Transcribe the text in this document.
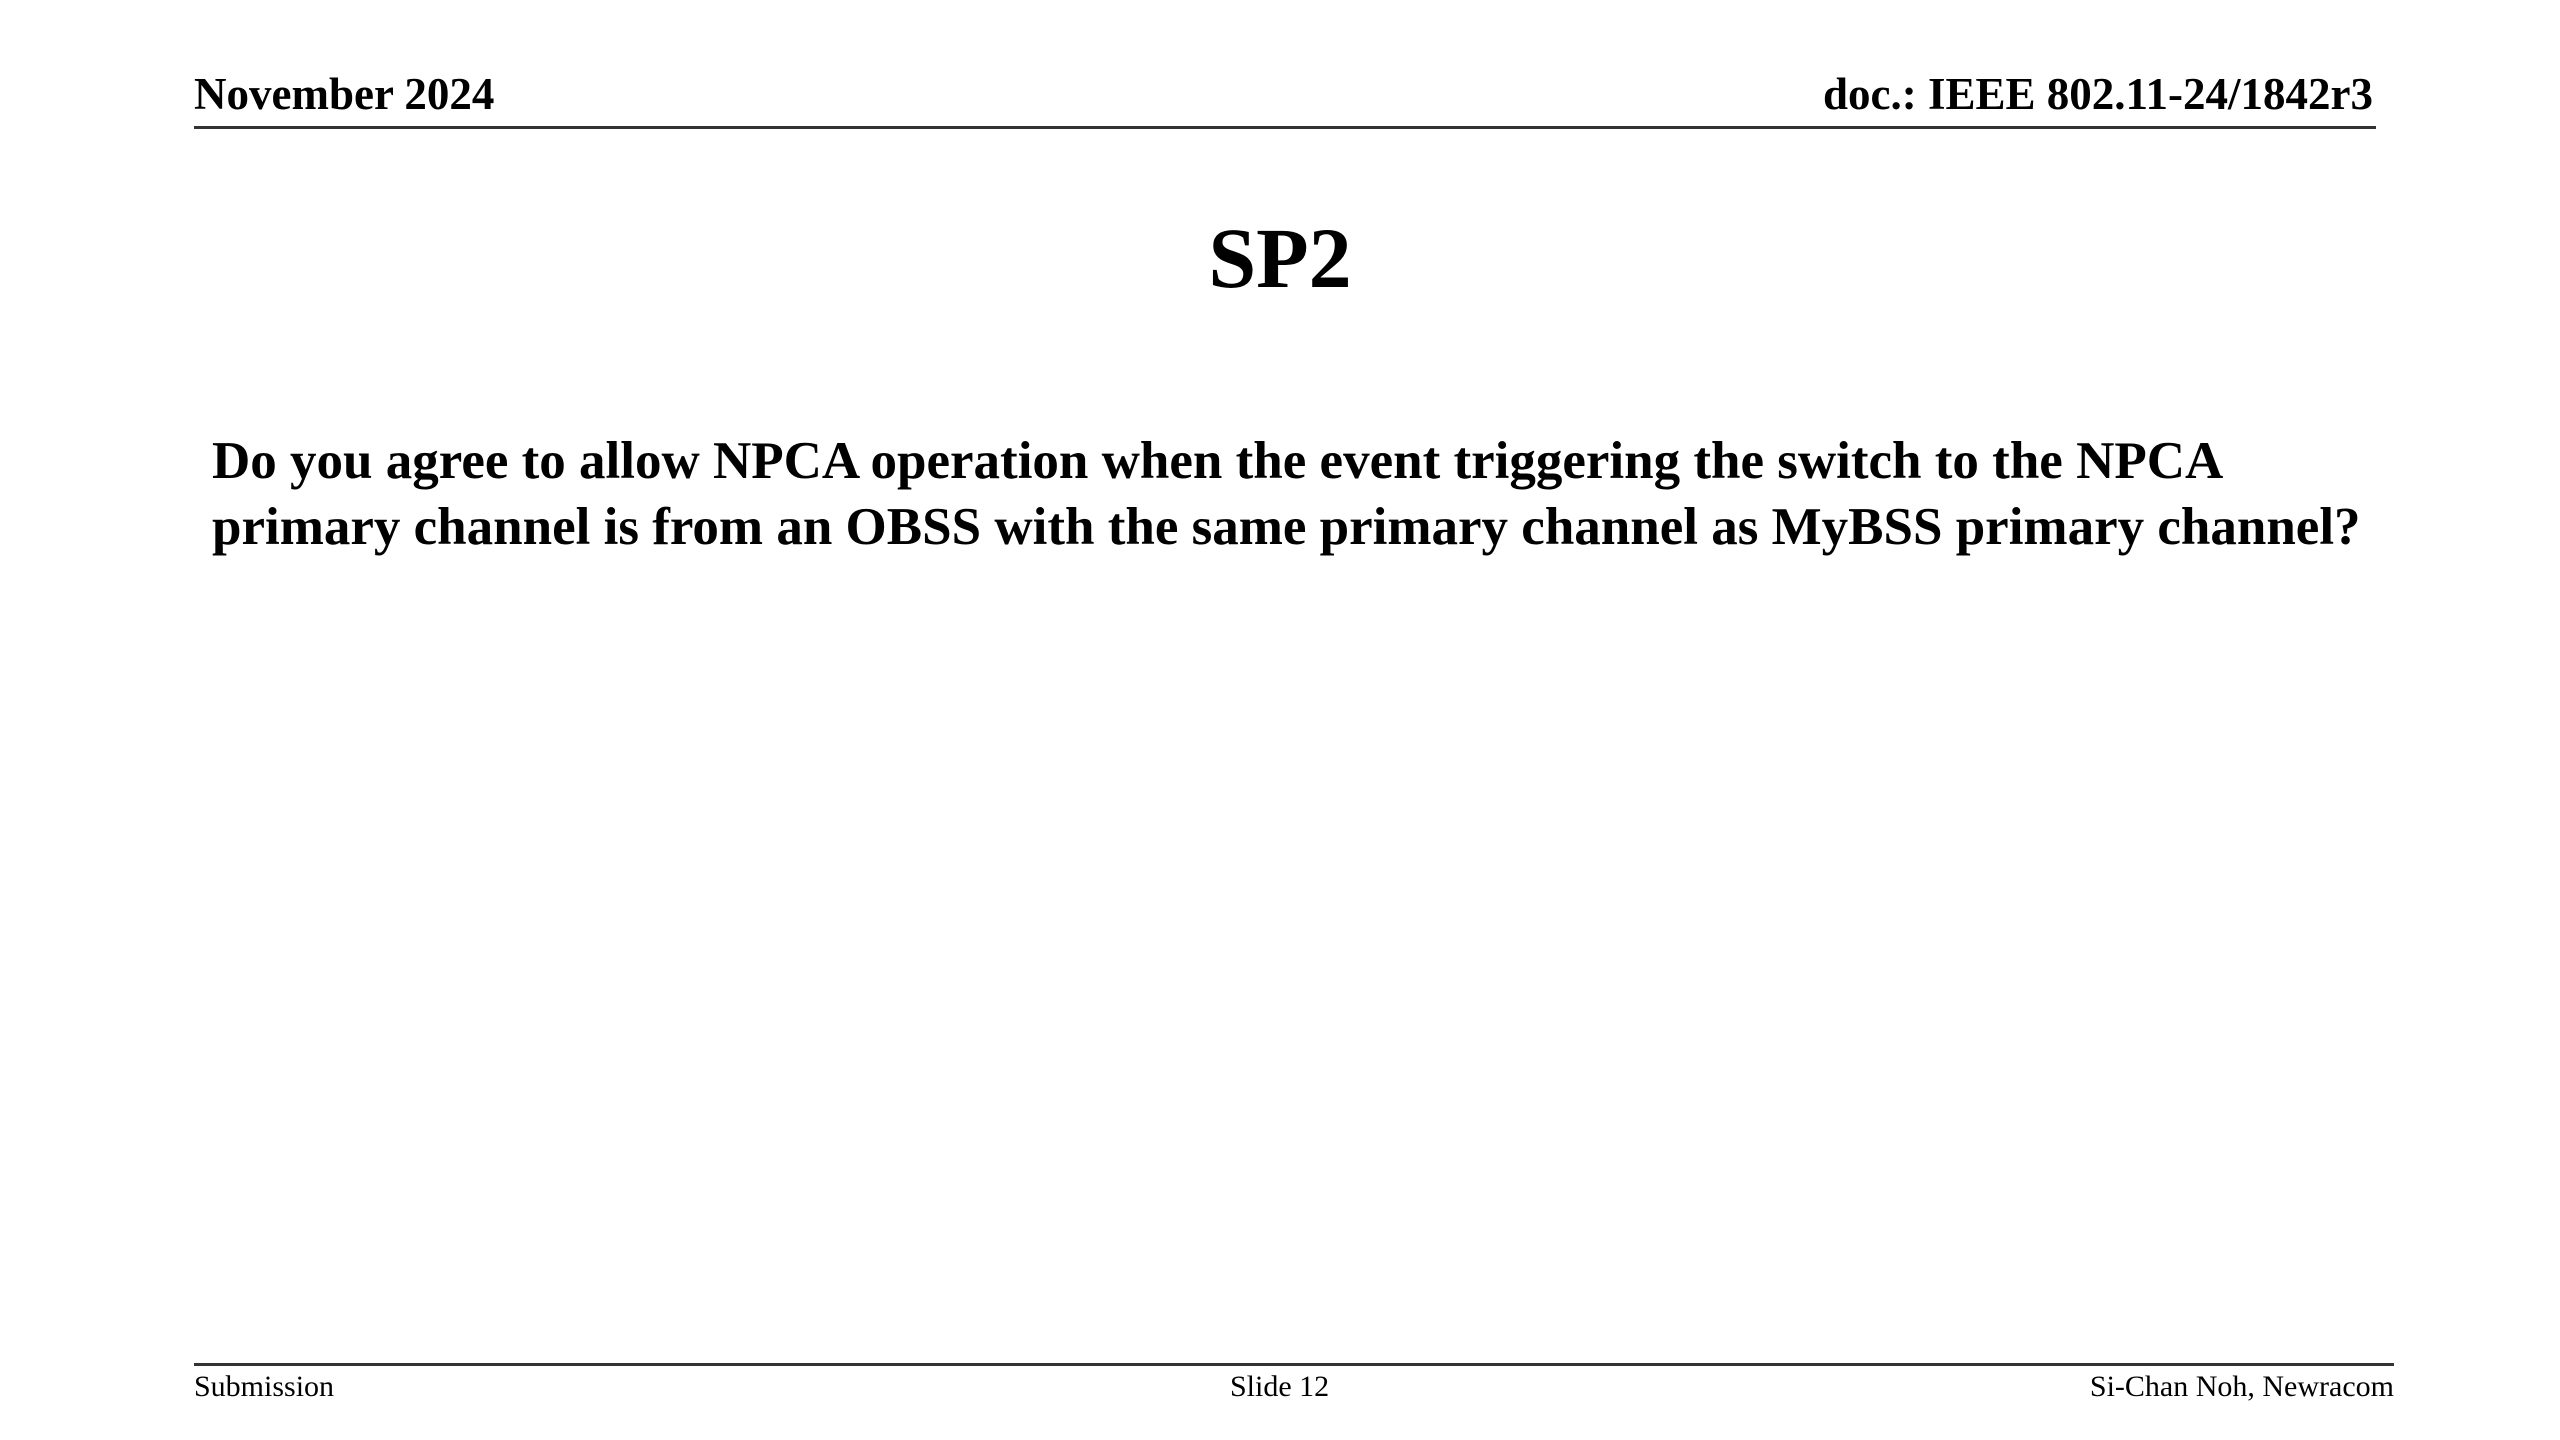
November 2024	doc.: IEEE 802.11-24/1842r3
SP2
Do you agree to allow NPCA operation when the event triggering the switch to the NPCA
primary channel is from an OBSS with the same primary channel as MyBSS primary channel?
Submission	Slide 12	Si-Chan Noh, Newracom
